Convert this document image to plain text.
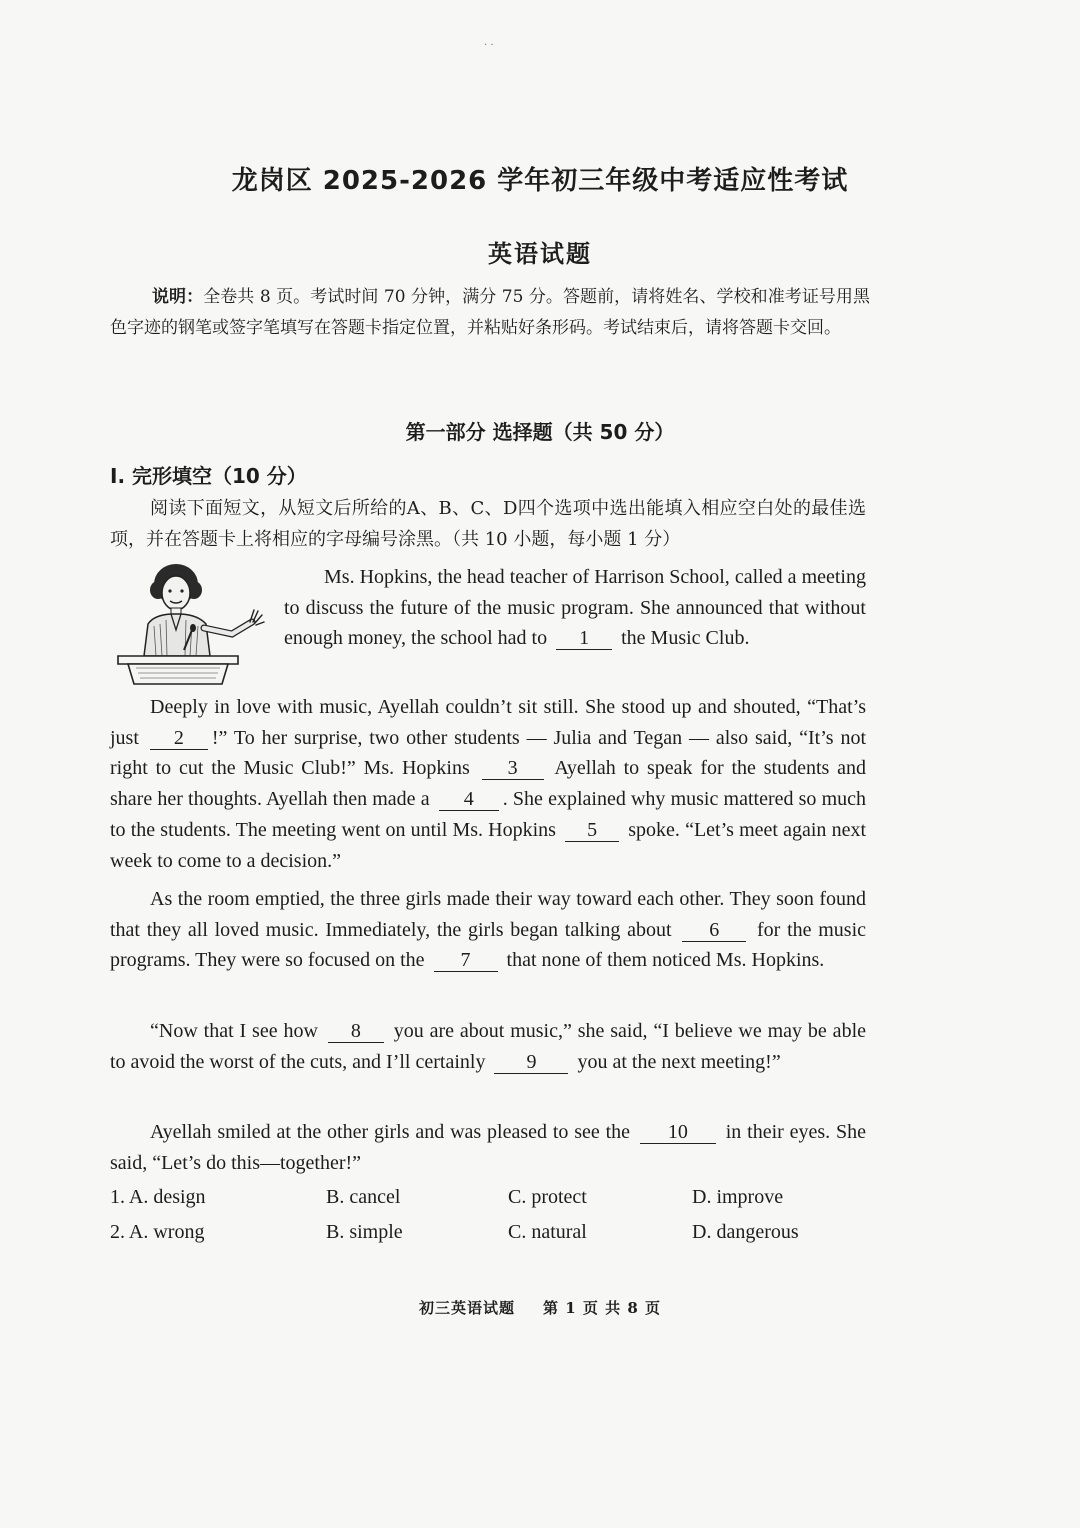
· ·
龙岗区 2025-2026 学年初三年级中考适应性考试
英语试题
说明：全卷共 8 页。考试时间 70 分钟，满分 75 分。答题前，请将姓名、学校和准考证号用黑色字迹的钢笔或签字笔填写在答题卡指定位置，并粘贴好条形码。考试结束后，请将答题卡交回。
第一部分 选择题（共 50 分）
I. 完形填空（10 分）
阅读下面短文，从短文后所给的A、B、C、D四个选项中选出能填入相应空白处的最佳选项，并在答题卡上将相应的字母编号涂黑。（共 10 小题，每小题 1 分）
Ms. Hopkins, the head teacher of Harrison School, called a meeting to discuss the future of the music program. She announced that without enough money, the school had to 1 the Music Club.
Deeply in love with music, Ayellah couldn’t sit still. She stood up and shouted, “That’s just 2 !” To her surprise, two other students — Julia and Tegan — also said, “It’s not right to cut the Music Club!” Ms. Hopkins 3 Ayellah to speak for the students and share her thoughts. Ayellah then made a 4 . She explained why music mattered so much to the students. The meeting went on until Ms. Hopkins 5 spoke. “Let’s meet again next week to come to a decision.”
As the room emptied, the three girls made their way toward each other. They soon found that they all loved music. Immediately, the girls began talking about 6 for the music programs. They were so focused on the 7 that none of them noticed Ms. Hopkins.
“Now that I see how 8 you are about music,” she said, “I believe we may be able to avoid the worst of the cuts, and I’ll certainly 9 you at the next meeting!”
Ayellah smiled at the other girls and was pleased to see the 10 in their eyes. She said, “Let’s do this—together!”
1. A. design	B. cancel	C. protect	D. improve
2. A. wrong	B. simple	C. natural	D. dangerous
初三英语试题 第 1 页 共 8 页
